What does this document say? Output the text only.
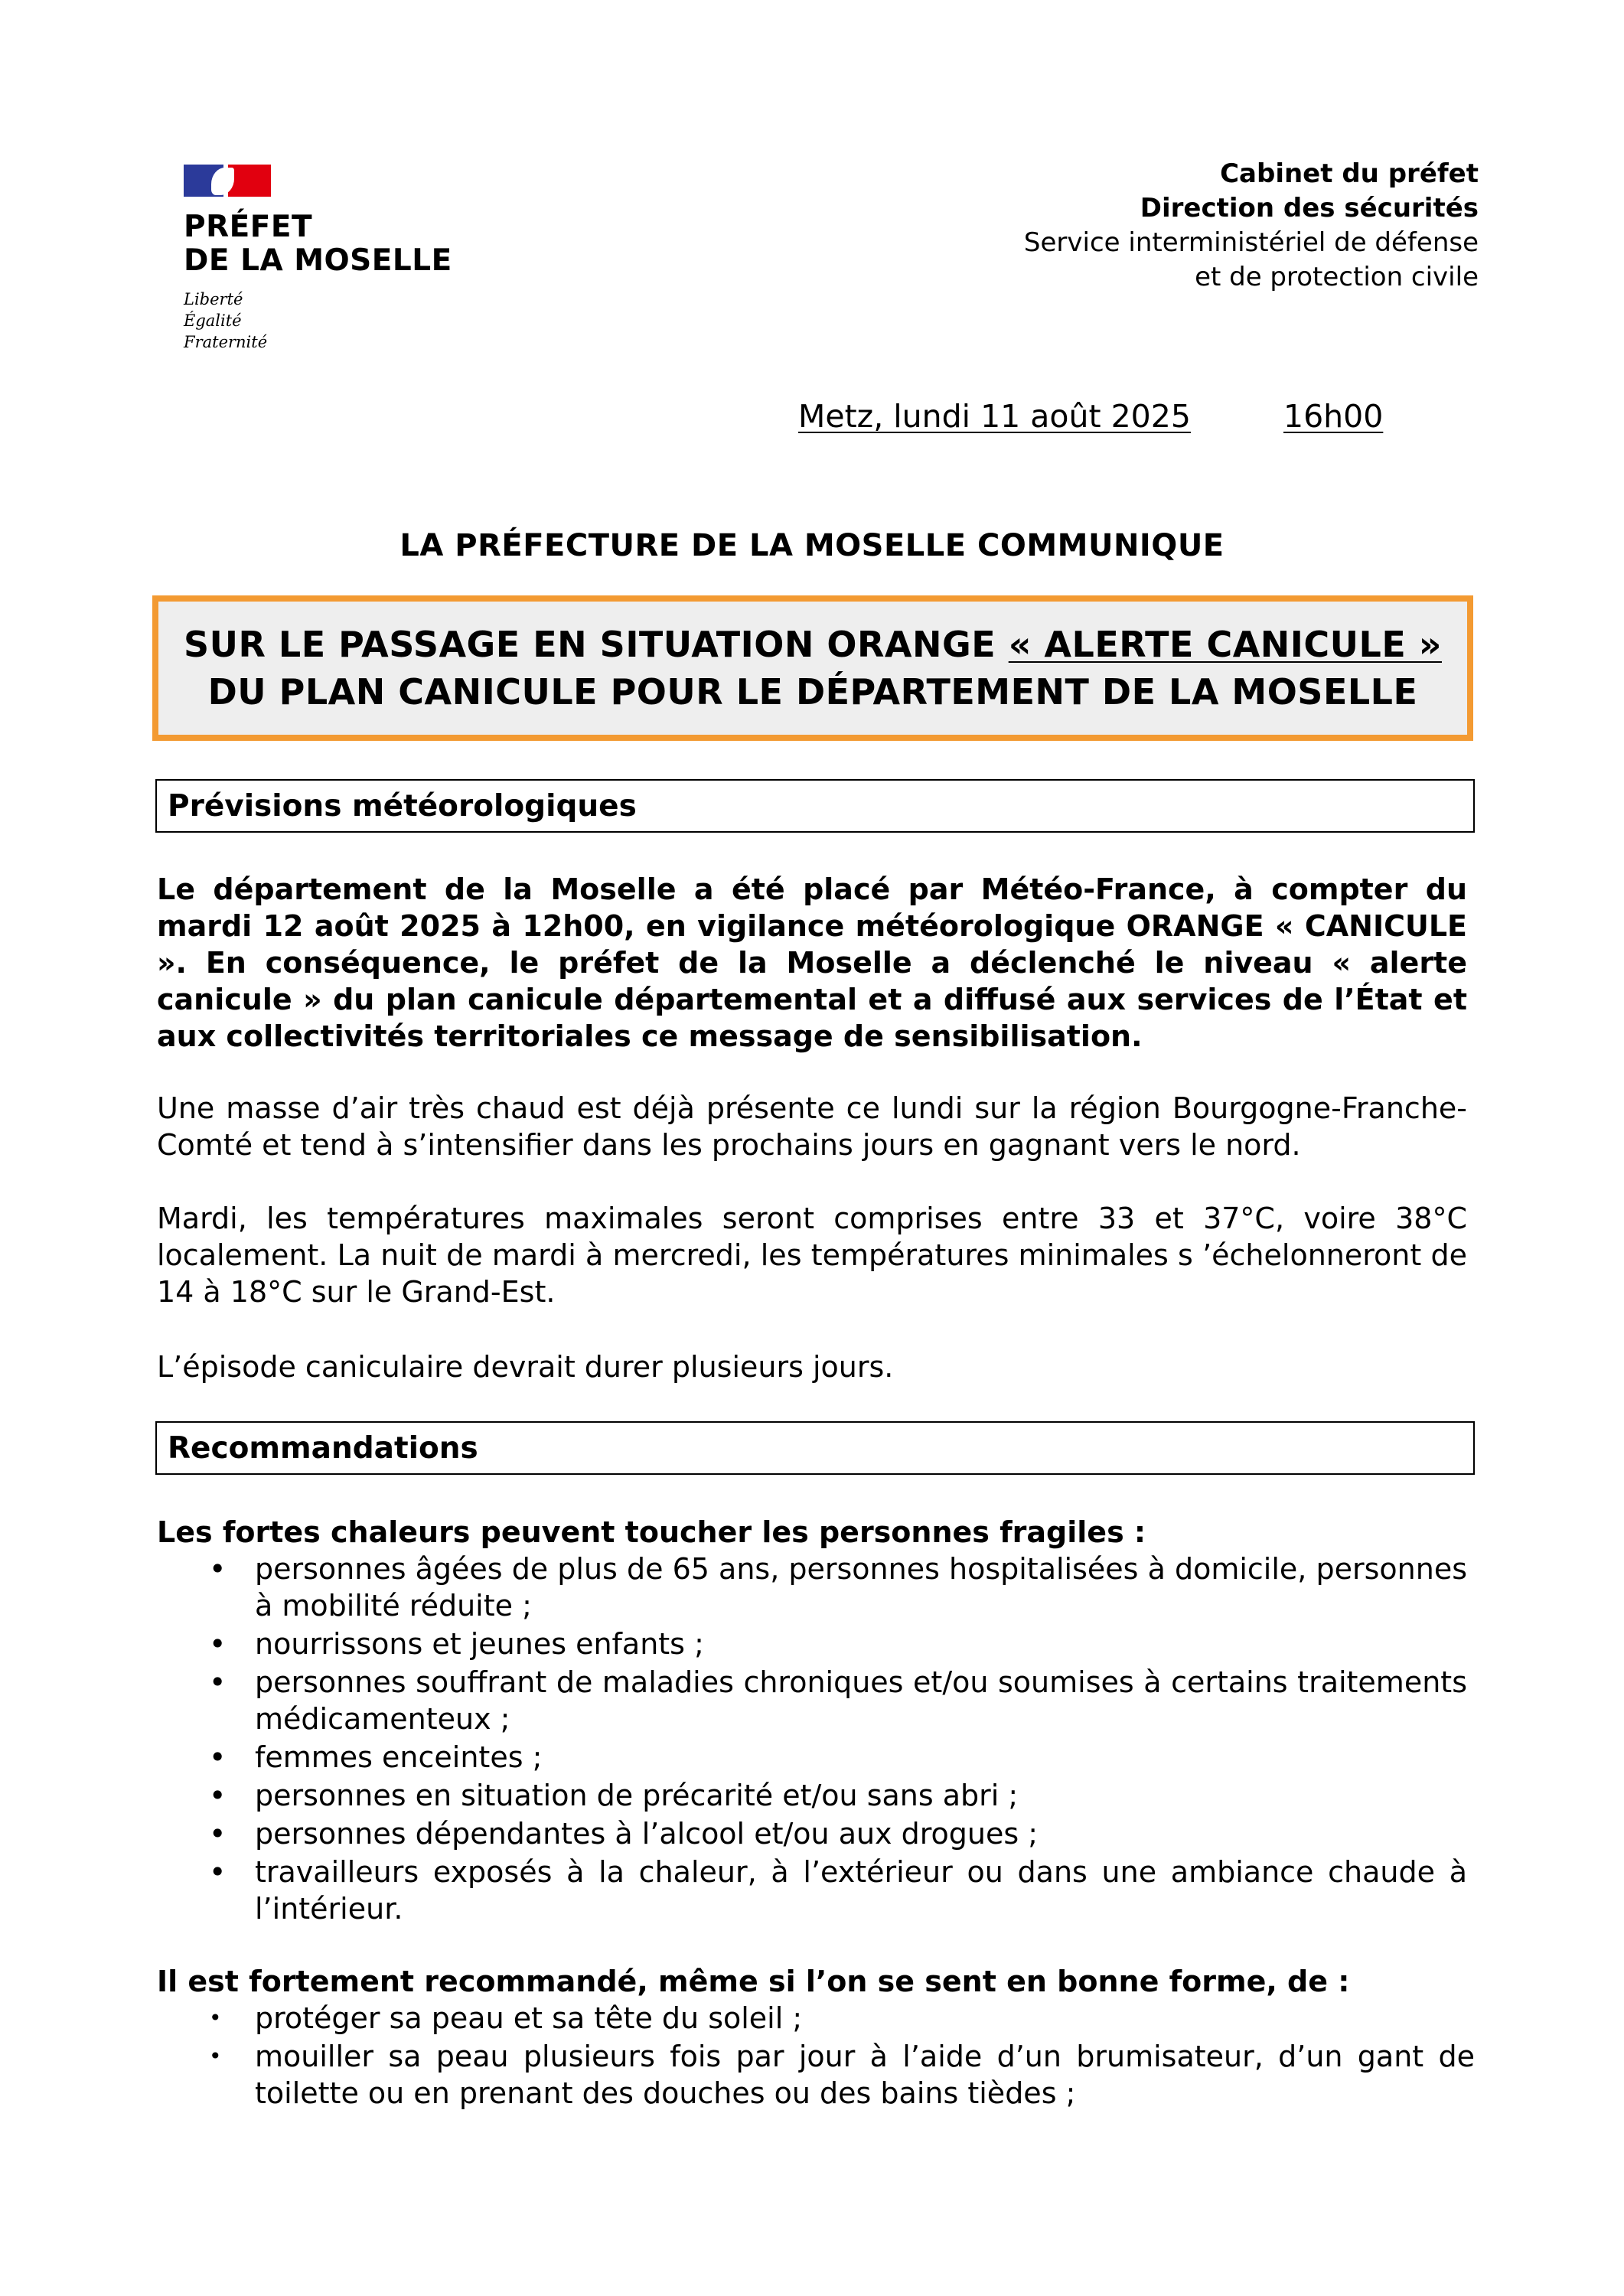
PRÉFET
DE LA MOSELLE
Liberté
Égalité
Fraternité
Cabinet du préfet
Direction des sécurités
Service interministériel de défense
et de protection civile
Metz, lundi 11 août 2025	16h00
LA PRÉFECTURE DE LA MOSELLE COMMUNIQUE
SUR LE PASSAGE EN SITUATION ORANGE « ALERTE CANICULE »
DU PLAN CANICULE POUR LE DÉPARTEMENT DE LA MOSELLE
Prévisions météorologiques
Le département de la Moselle a été placé par Météo-France, à compter du mardi 12 août 2025 à 12h00, en vigilance météorologique ORANGE « CANICULE ». En conséquence, le préfet de la Moselle a déclenché le niveau « alerte canicule » du plan canicule départemental et a diffusé aux services de l’État et aux collectivités territoriales ce message de sensibilisation.
Une masse d’air très chaud est déjà présente ce lundi sur la région Bourgogne-Franche-Comté et tend à s’intensifier dans les prochains jours en gagnant vers le nord.
Mardi, les températures maximales seront comprises entre 33 et 37°C, voire 38°C localement. La nuit de mardi à mercredi, les températures minimales s ’échelonneront de 14 à 18°C sur le Grand-Est.
L’épisode caniculaire devrait durer plusieurs jours.
Recommandations
Les fortes chaleurs peuvent toucher les personnes fragiles :
• personnes âgées de plus de 65 ans, personnes hospitalisées à domicile, personnes à mobilité réduite ;
• nourrissons et jeunes enfants ;
• personnes souffrant de maladies chroniques et/ou soumises à certains traitements médicamenteux ;
• femmes enceintes ;
• personnes en situation de précarité et/ou sans abri ;
• personnes dépendantes à l’alcool et/ou aux drogues ;
• travailleurs exposés à la chaleur, à l’extérieur ou dans une ambiance chaude à l’intérieur.
Il est fortement recommandé, même si l’on se sent en bonne forme, de :
• protéger sa peau et sa tête du soleil ;
• mouiller sa peau plusieurs fois par jour à l’aide d’un brumisateur, d’un gant de toilette ou en prenant des douches ou des bains tièdes ;
